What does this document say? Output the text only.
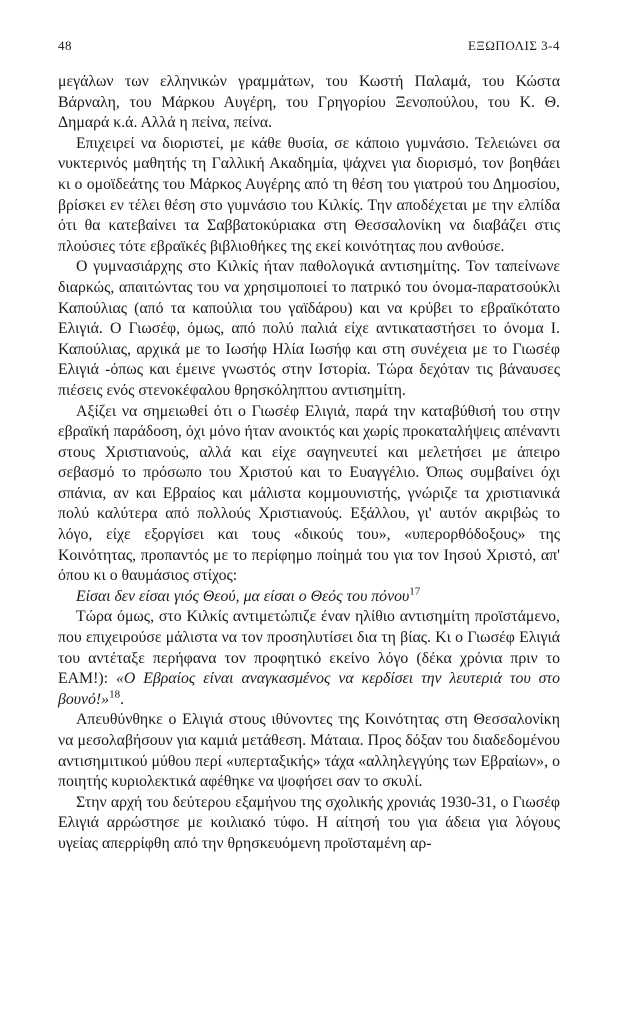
48	ΕΞΩΠΟΛΙΣ 3-4

μεγάλων των ελληνικών γραμμάτων, του Κωστή Παλαμά, του Κώστα Βάρναλη, του Μάρκου Αυγέρη, του Γρηγορίου Ξενοπούλου, του Κ. Θ. Δημαρά κ.ά. Αλλά η πείνα, πείνα.

Επιχειρεί να διοριστεί, με κάθε θυσία, σε κάποιο γυμνάσιο. Τελειώνει σα νυκτερινός μαθητής τη Γαλλική Ακαδημία, ψάχνει για διορισμό, τον βοηθάει κι ο ομοϊδεάτης του Μάρκος Αυγέρης από τη θέση του γιατρού του Δημοσίου, βρίσκει εν τέλει θέση στο γυμνάσιο του Κιλκίς. Την αποδέχεται με την ελπίδα ότι θα κατεβαίνει τα Σαββατοκύριακα στη Θεσσαλονίκη να διαβάζει στις πλούσιες τότε εβραϊκές βιβλιοθήκες της εκεί κοινότητας που ανθούσε.

Ο γυμνασιάρχης στο Κιλκίς ήταν παθολογικά αντισημίτης. Τον ταπείνωνε διαρκώς, απαιτώντας του να χρησιμοποιεί το πατρικό του όνομα-παρατσούκλι Καπούλιας (από τα καπούλια του γαϊδάρου) και να κρύβει το εβραϊκότατο Ελιγιά. Ο Γιωσέφ, όμως, από πολύ παλιά είχε αντικαταστήσει το όνομα Ι. Καπούλιας, αρχικά με το Ιωσήφ Ηλία Ιωσήφ και στη συνέχεια με το Γιωσέφ Ελιγιά -όπως και έμεινε γνωστός στην Ιστορία. Τώρα δεχόταν τις βάναυσες πιέσεις ενός στενοκέφαλου θρησκόληπτου αντισημίτη.

Αξίζει να σημειωθεί ότι ο Γιωσέφ Ελιγιά, παρά την καταβύθισή του στην εβραϊκή παράδοση, όχι μόνο ήταν ανοικτός και χωρίς προκαταλήψεις απέναντι στους Χριστιανούς, αλλά και είχε σαγηνευτεί και μελετήσει με άπειρο σεβασμό το πρόσωπο του Χριστού και το Ευαγγέλιο. Όπως συμβαίνει όχι σπάνια, αν και Εβραίος και μάλιστα κομμουνιστής, γνώριζε τα χριστιανικά πολύ καλύτερα από πολλούς Χριστιανούς. Εξάλλου, γι' αυτόν ακριβώς το λόγο, είχε εξοργίσει και τους «δικούς του», «υπερορθόδοξους» της Κοινότητας, προπαντός με το περίφημο ποίημά του για τον Ιησού Χριστό, απ' όπου κι ο θαυμάσιος στίχος:

Είσαι δεν είσαι γιός Θεού, μα είσαι ο Θεός του πόνου$^{17}$

Τώρα όμως, στο Κιλκίς αντιμετώπιζε έναν ηλίθιο αντισημίτη προϊστάμενο, που επιχειρούσε μάλιστα να τον προσηλυτίσει δια τη βίας. Κι ο Γιωσέφ Ελιγιά του αντέταξε περήφανα τον προφητικό εκείνο λόγο (δέκα χρόνια πριν το ΕΑΜ!): «Ο Εβραίος είναι αναγκασμένος να κερδίσει την λευτεριά του στο βουνό!»$^{18}$.

Απευθύνθηκε ο Ελιγιά στους ιθύνοντες της Κοινότητας στη Θεσσαλονίκη να μεσολαβήσουν για καμιά μετάθεση. Μάταια. Προς δόξαν του διαδεδομένου αντισημιτικού μύθου περί «υπερταξικής» τάχα «αλληλεγγύης των Εβραίων», ο ποιητής κυριολεκτικά αφέθηκε να ψοφήσει σαν το σκυλί.

Στην αρχή του δεύτερου εξαμήνου της σχολικής χρονιάς 1930-31, ο Γιωσέφ Ελιγιά αρρώστησε με κοιλιακό τύφο. Η αίτησή του για άδεια για λόγους υγείας απερρίφθη από την θρησκευόμενη προϊσταμένη αρ-
